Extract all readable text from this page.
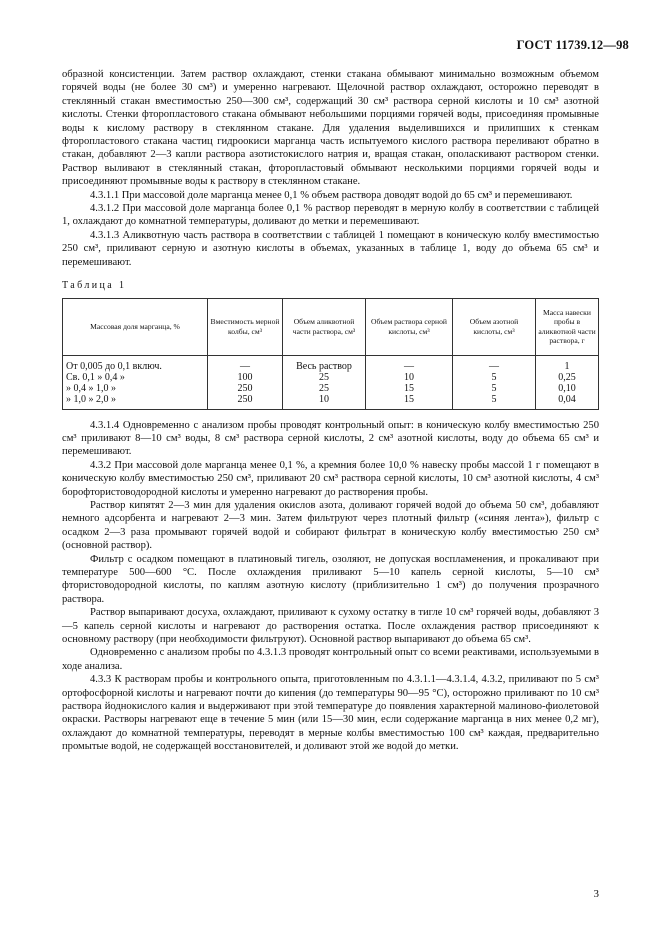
ГОСТ 11739.12—98

образной консистенции. Затем раствор охлаждают, стенки стакана обмывают минимально возможным объемом горячей воды (не более 30 см³) и умеренно нагревают. Щелочной раствор охлаждают, осторожно переводят в стеклянный стакан вместимостью 250—300 см³, содержащий 30 см³ раствора серной кислоты и 10 см³ азотной кислоты. Стенки фторопластового стакана обмывают небольшими порциями горячей воды, присоединяя промывные воды к кислому раствору в стеклянном стакане. Для удаления выделившихся и прилипших к стенкам фторопластового стакана частиц гидроокиси марганца часть испытуемого кислого раствора переливают обратно в стакан, добавляют 2—3 капли раствора азотистокислого натрия и, вращая стакан, ополаскивают раствором стенки. Раствор выливают в стеклянный стакан, фторопластовый обмывают несколькими порциями горячей воды и присоединяют промывные воды к раствору в стеклянном стакане.

4.3.1.1 При массовой доле марганца менее 0,1 % объем раствора доводят водой до 65 см³ и перемешивают.

4.3.1.2 При массовой доле марганца более 0,1 % раствор переводят в мерную колбу в соответствии с таблицей 1, охлаждают до комнатной температуры, доливают до метки и перемешивают.

4.3.1.3 Аликвотную часть раствора в соответствии с таблицей 1 помещают в коническую колбу вместимостью 250 см³, приливают серную и азотную кислоты в объемах, указанных в таблице 1, воду до объема 65 см³ и перемешивают.

Таблица 1
Массовая доля марганца, %	Вместимость мерной колбы, см³	Объем аликвотной части раствора, см³	Объем раствора серной кислоты, см³	Объем азотной кислоты, см³	Масса навески пробы в аликвотной части раствора, г
От 0,005 до 0,1 включ.	—	Весь раствор	—	—	1
Св. 0,1 » 0,4 »	100	25	10	5	0,25
» 0,4 » 1,0 »	250	25	15	5	0,10
» 1,0 » 2,0 »	250	10	15	5	0,04

4.3.1.4 Одновременно с анализом пробы проводят контрольный опыт: в коническую колбу вместимостью 250 см³ приливают 8—10 см³ воды, 8 см³ раствора серной кислоты, 2 см³ азотной кислоты, воду до объема 65 см³ и перемешивают.

4.3.2 При массовой доле марганца менее 0,1 %, а кремния более 10,0 % навеску пробы массой 1 г помещают в коническую колбу вместимостью 250 см³, приливают 20 см³ раствора серной кислоты, 10 см³ азотной кислоты, 4 см³ борофтористоводородной кислоты и умеренно нагревают до растворения пробы.

Раствор кипятят 2—3 мин для удаления окислов азота, доливают горячей водой до объема 50 см³, добавляют немного адсорбента и нагревают 2—3 мин. Затем фильтруют через плотный фильтр («синяя лента»), фильтр с осадком 2—3 раза промывают горячей водой и собирают фильтрат в коническую колбу вместимостью 250 см³ (основной раствор).

Фильтр с осадком помещают в платиновый тигель, озоляют, не допуская воспламенения, и прокаливают при температуре 500—600 °С. После охлаждения приливают 5—10 капель серной кислоты, 5—10 см³ фтористоводородной кислоты, по каплям азотную кислоту (приблизительно 1 см³) до получения прозрачного раствора.

Раствор выпаривают досуха, охлаждают, приливают к сухому остатку в тигле 10 см³ горячей воды, добавляют 3—5 капель серной кислоты и нагревают до растворения остатка. После охлаждения раствор присоединяют к основному раствору (при необходимости фильтруют). Основной раствор выпаривают до объема 65 см³.

Одновременно с анализом пробы по 4.3.1.3 проводят контрольный опыт со всеми реактивами, используемыми в ходе анализа.

4.3.3 К растворам пробы и контрольного опыта, приготовленным по 4.3.1.1—4.3.1.4, 4.3.2, приливают по 5 см³ ортофосфорной кислоты и нагревают почти до кипения (до температуры 90—95 °С), осторожно приливают по 10 см³ раствора йоднокислого калия и выдерживают при этой температуре до появления характерной малиново-фиолетовой окраски. Растворы нагревают еще в течение 5 мин (или 15—30 мин, если содержание марганца в них менее 0,2 мг), охлаждают до комнатной температуры, переводят в мерные колбы вместимостью 100 см³ каждая, предварительно промытые водой, не содержащей восстановителей, и доливают этой же водой до метки.

3
